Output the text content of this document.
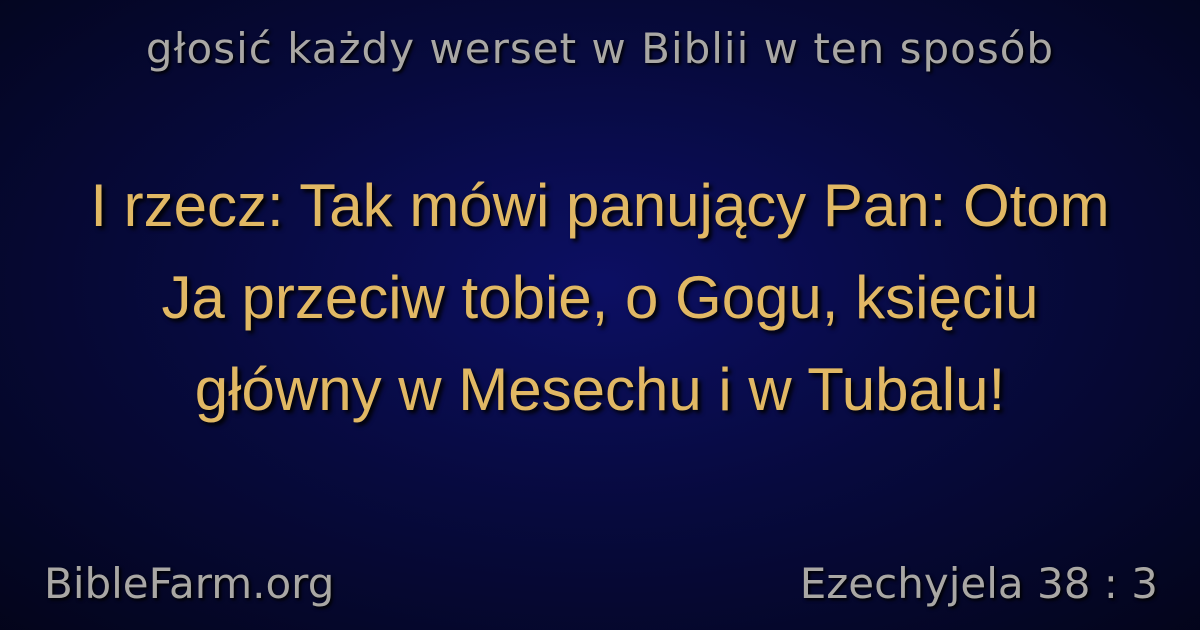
głosić każdy werset w Biblii w ten sposób
I rzecz: Tak mówi panujący Pan: Otom Ja przeciw tobie, o Gogu, księciu główny w Mesechu i w Tubalu!
BibleFarm.org	Ezechyjela 38 : 3
